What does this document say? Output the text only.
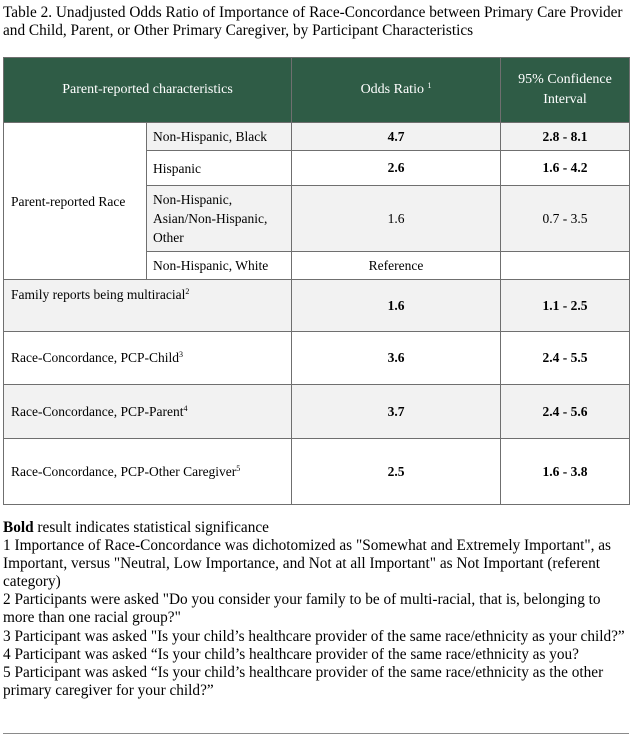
Table 2. Unadjusted Odds Ratio of Importance of Race-Concordance between Primary Care Provider and Child, Parent, or Other Primary Caregiver, by Participant Characteristics
Parent-reported characteristics		Odds Ratio $^1$	95% Confidence
Interval
Parent-reported Race	Non-Hispanic, Black	4.7	2.8 - 8.1
	Hispanic	2.6	1.6 - 4.2
	Non-Hispanic,
Asian/Non-Hispanic,
Other	1.6	0.7 - 3.5
	Non-Hispanic, White	Reference	
Family reports being multiracial$^2$		1.6	1.1 - 2.5
Race-Concordance, PCP-Child$^3$		3.6	2.4 - 5.5
Race-Concordance, PCP-Parent$^4$		3.7	2.4 - 5.6
Race-Concordance, PCP-Other Caregiver$^5$		2.5	1.6 - 3.8

Bold result indicates statistical significance

1 Importance of Race-Concordance was dichotomized as "Somewhat and Extremely Important", as Important, versus "Neutral, Low Importance, and Not at all Important" as Not Important (referent category)

2 Participants were asked "Do you consider your family to be of multi-racial, that is, belonging to more than one racial group?"

3 Participant was asked "Is your child’s healthcare provider of the same race/ethnicity as your child?”

4 Participant was asked “Is your child’s healthcare provider of the same race/ethnicity as you?

5 Participant was asked “Is your child’s healthcare provider of the same race/ethnicity as the other primary caregiver for your child?”
